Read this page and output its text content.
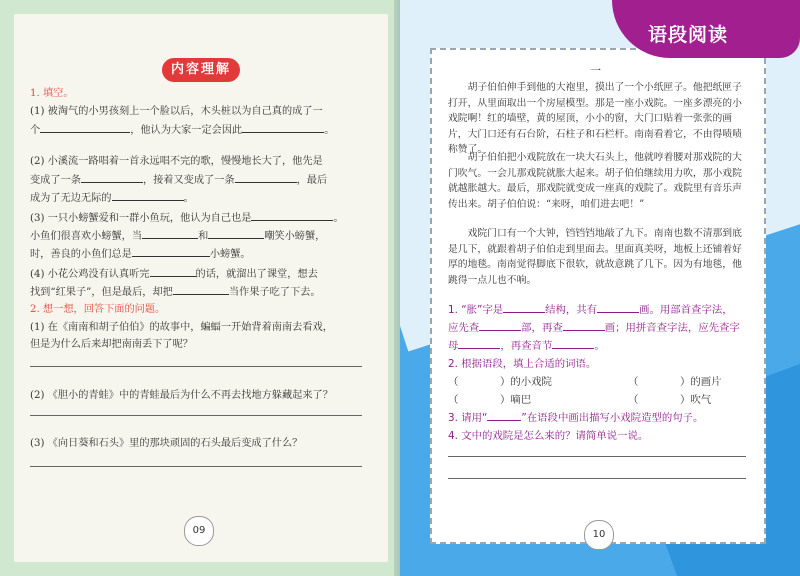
内容理解
1. 填空。
(1) 被淘气的小男孩刻上一个脸以后，木头桩以为自己真的成了一
个	，他认为大家一定会因此	。
(2) 小溪流一路唱着一首永远唱不完的歌，慢慢地长大了，他先是
变成了一条	，接着又变成了一条	，最后
成为了无边无际的	。
(3) 一只小螃蟹爱和一群小鱼玩，他认为自己也是	。
小鱼们很喜欢小螃蟹，当	和	嘲笑小螃蟹，
时，善良的小鱼们总是	小螃蟹。
(4) 小花公鸡没有认真听完	的话，就溜出了课堂，想去
找到“红果子”，但是最后，却把	当作果子吃了下去。
2. 想一想，回答下面的问题。
(1) 在《南南和胡子伯伯》的故事中，蝙蝠一开始背着南南去看戏，
但是为什么后来却把南南丢下了呢？
(2) 《胆小的青蛙》中的青蛙最后为什么不再去找地方躲藏起来了？
(3) 《向日葵和石头》里的那块顽固的石头最后变成了什么？
09
语段阅读
一
胡子伯伯伸手到他的大袍里，摸出了一个小纸匣子。他把纸匣子打开，从里面取出一个房屋模型。那是一座小戏院。一座多漂亮的小戏院啊！红的墙壁，黄的屋顶，小小的窗，大门口贴着一张张的画片，大门口还有石台阶，石柱子和石栏杆。南南看着它，不由得啧啧称赞了。
胡子伯伯把小戏院放在一块大石头上，他就哼着腰对那戏院的大门吹气。一会儿那戏院就胀大起来。胡子伯伯继续用力吹，那小戏院就越胀越大。最后，那戏院就变成一座真的戏院了。戏院里有音乐声传出来。胡子伯伯说：“来呀，咱们进去吧！”
戏院门口有一个大钟，铛铛铛地敲了九下。南南也数不清那到底是几下，就跟着胡子伯伯走到里面去。里面真美呀，地板上还铺着好厚的地毯。南南觉得脚底下很软，就故意跳了几下。因为有地毯，他跳得一点儿也不响。
1. “胀”字是	结构，共有	画。用部首查字法，
应先查	部，再查	画；用拼音查字法，应先查字
母	，再查音节	。
2. 根据语段，填上合适的词语。
（　　　　）的小戏院	（　　　　）的画片
（　　　　）嘀巴	（　　　　）吹气
3. 请用“	”在语段中画出描写小戏院造型的句子。
4. 文中的戏院是怎么来的？请简单说一说。
10
